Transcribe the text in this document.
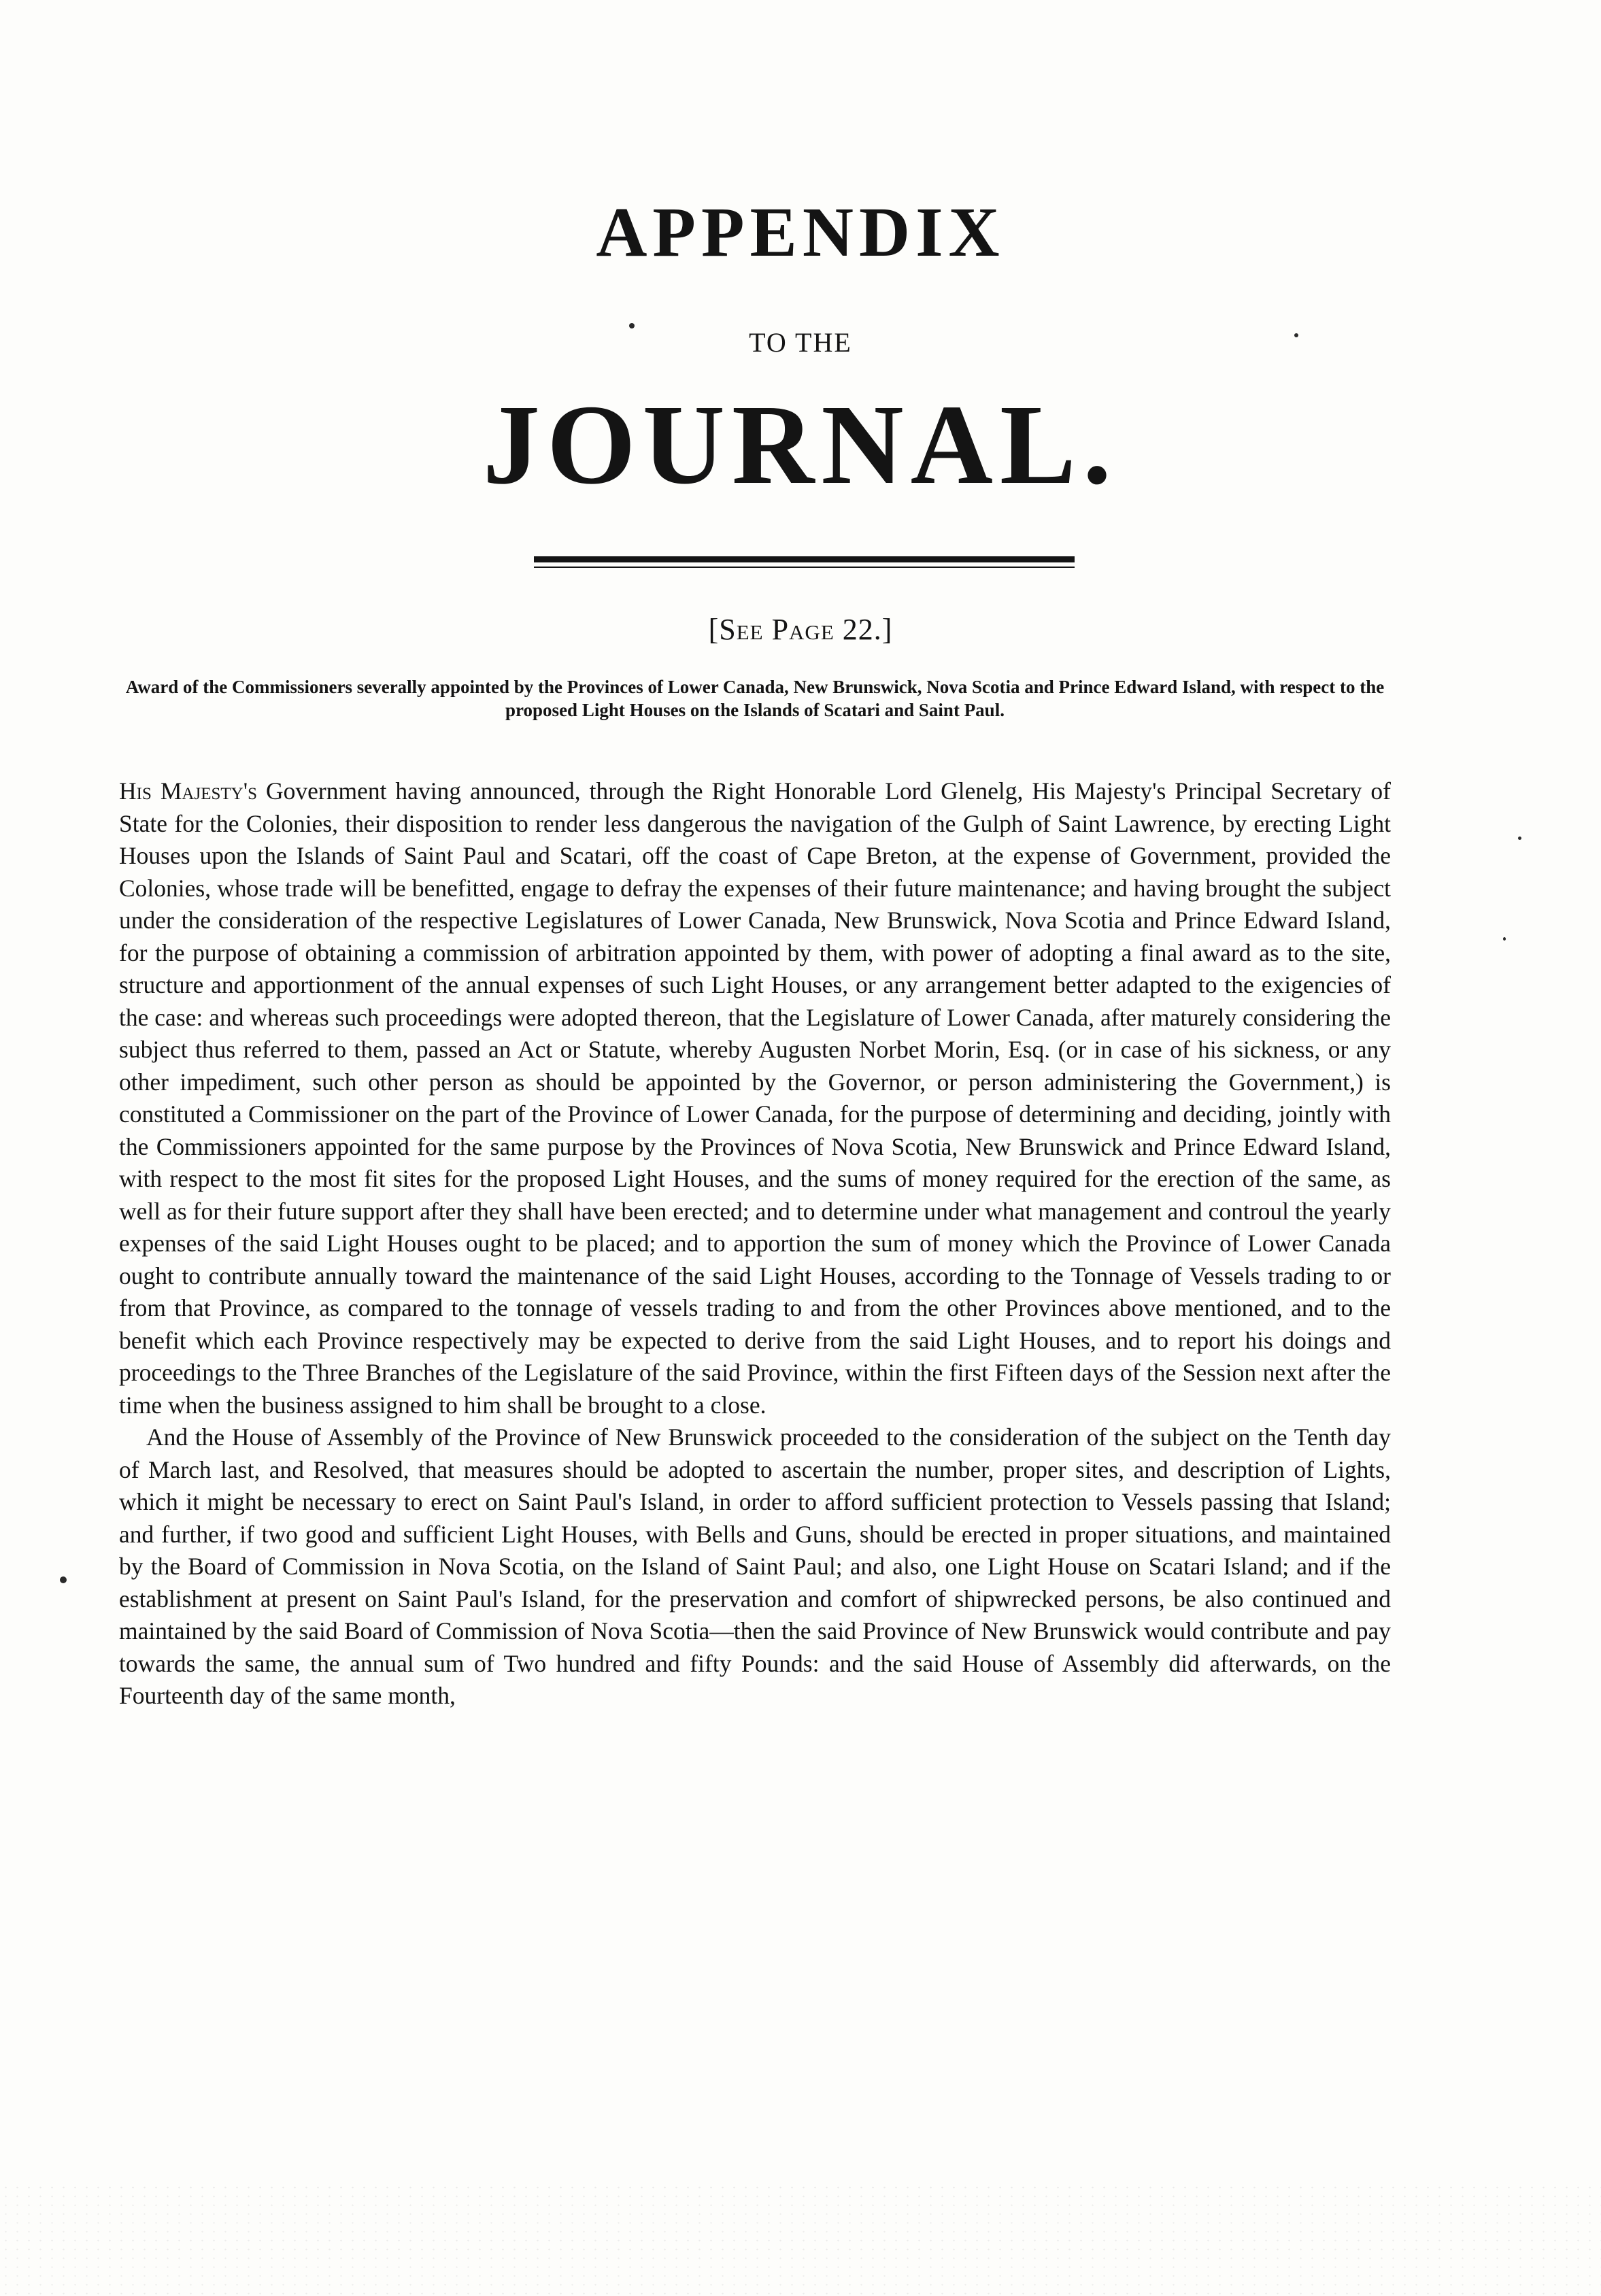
APPENDIX
TO THE
JOURNAL.
[See Page 22.]

Award of the Commissioners severally appointed by the Provinces of Lower Canada, New Brunswick, Nova Scotia and Prince Edward Island, with respect to the proposed Light Houses on the Islands of Scatari and Saint Paul.

His Majesty's Government having announced, through the Right Honorable Lord Glenelg, His Majesty's Principal Secretary of State for the Colonies, their disposition to render less dangerous the navigation of the Gulph of Saint Lawrence, by erecting Light Houses upon the Islands of Saint Paul and Scatari, off the coast of Cape Breton, at the expense of Government, provided the Colonies, whose trade will be benefitted, engage to defray the expenses of their future maintenance; and having brought the subject under the consideration of the respective Legislatures of Lower Canada, New Brunswick, Nova Scotia and Prince Edward Island, for the purpose of obtaining a commission of arbitration appointed by them, with power of adopting a final award as to the site, structure and apportionment of the annual expenses of such Light Houses, or any arrangement better adapted to the exigencies of the case: and whereas such proceedings were adopted thereon, that the Legislature of Lower Canada, after maturely considering the subject thus referred to them, passed an Act or Statute, whereby Augusten Norbet Morin, Esq. (or in case of his sickness, or any other impediment, such other person as should be appointed by the Governor, or person administering the Government,) is constituted a Commissioner on the part of the Province of Lower Canada, for the purpose of determining and deciding, jointly with the Commissioners appointed for the same purpose by the Provinces of Nova Scotia, New Brunswick and Prince Edward Island, with respect to the most fit sites for the proposed Light Houses, and the sums of money required for the erection of the same, as well as for their future support after they shall have been erected; and to determine under what management and controul the yearly expenses of the said Light Houses ought to be placed; and to apportion the sum of money which the Province of Lower Canada ought to contribute annually toward the maintenance of the said Light Houses, according to the Tonnage of Vessels trading to or from that Province, as compared to the tonnage of vessels trading to and from the other Provinces above mentioned, and to the benefit which each Province respectively may be expected to derive from the said Light Houses, and to report his doings and proceedings to the Three Branches of the Legislature of the said Province, within the first Fifteen days of the Session next after the time when the business assigned to him shall be brought to a close.

And the House of Assembly of the Province of New Brunswick proceeded to the consideration of the subject on the Tenth day of March last, and Resolved, that measures should be adopted to ascertain the number, proper sites, and description of Lights, which it might be necessary to erect on Saint Paul's Island, in order to afford sufficient protection to Vessels passing that Island; and further, if two good and sufficient Light Houses, with Bells and Guns, should be erected in proper situations, and maintained by the Board of Commission in Nova Scotia, on the Island of Saint Paul; and also, one Light House on Scatari Island; and if the establishment at present on Saint Paul's Island, for the preservation and comfort of shipwrecked persons, be also continued and maintained by the said Board of Commission of Nova Scotia—then the said Province of New Brunswick would contribute and pay towards the same, the annual sum of Two hundred and fifty Pounds: and the said House of Assembly did afterwards, on the Fourteenth day of the same month,
